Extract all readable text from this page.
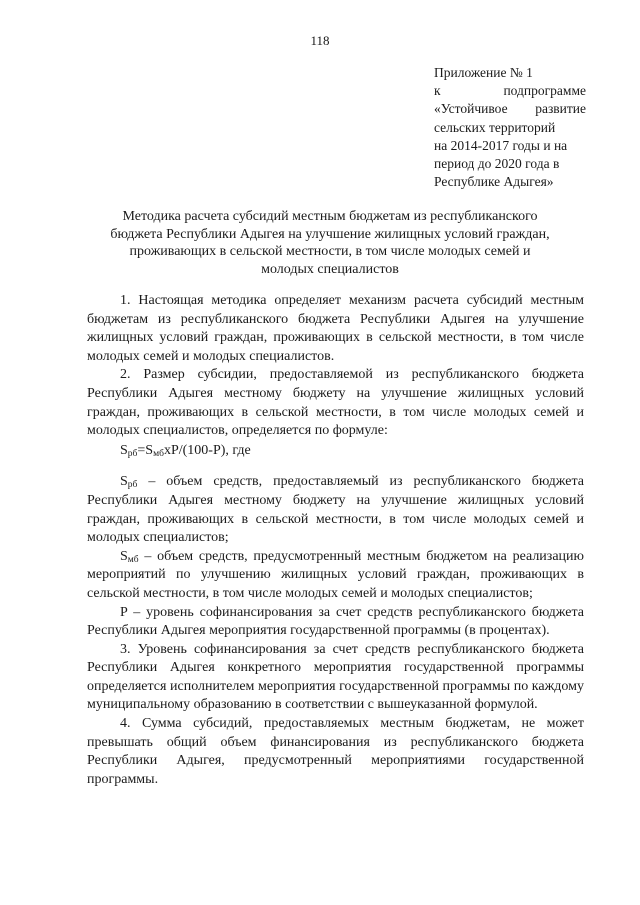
118
Приложение № 1
к	подпрограмме
«Устойчивое развитие
сельских территорий
на 2014-2017 годы и на
период до 2020 года в
Республике Адыгея»
Методика расчета субсидий местным бюджетам из республиканского
бюджета Республики Адыгея на улучшение жилищных условий граждан,
проживающих в сельской местности, в том числе молодых семей и
молодых специалистов

1. Настоящая методика определяет механизм расчета субсидий местным бюджетам из республиканского бюджета Республики Адыгея на улучшение жилищных условий граждан, проживающих в сельской местности, в том числе молодых семей и молодых специалистов.

2. Размер субсидии, предоставляемой из республиканского бюджета Республики Адыгея местному бюджету на улучшение жилищных условий граждан, проживающих в сельской местности, в том числе молодых семей и молодых специалистов, определяется по формуле:

$S_{рб}=S_{мб}xP/(100-P)$, где

$S_{рб}$ – объем средств, предоставляемый из республиканского бюджета Республики Адыгея местному бюджету на улучшение жилищных условий граждан, проживающих в сельской местности, в том числе молодых семей и молодых специалистов;

$S_{мб}$ – объем средств, предусмотренный местным бюджетом на реализацию мероприятий по улучшению жилищных условий граждан, проживающих в сельской местности, в том числе молодых семей и молодых специалистов;

P – уровень софинансирования за счет средств республиканского бюджета Республики Адыгея мероприятия государственной программы (в процентах).

3. Уровень софинансирования за счет средств республиканского бюджета Республики Адыгея конкретного мероприятия государственной программы определяется исполнителем мероприятия государственной программы по каждому муниципальному образованию в соответствии с вышеуказанной формулой.

4. Сумма субсидий, предоставляемых местным бюджетам, не может превышать общий объем финансирования из республиканского бюджета Республики Адыгея, предусмотренный мероприятиями государственной программы.
